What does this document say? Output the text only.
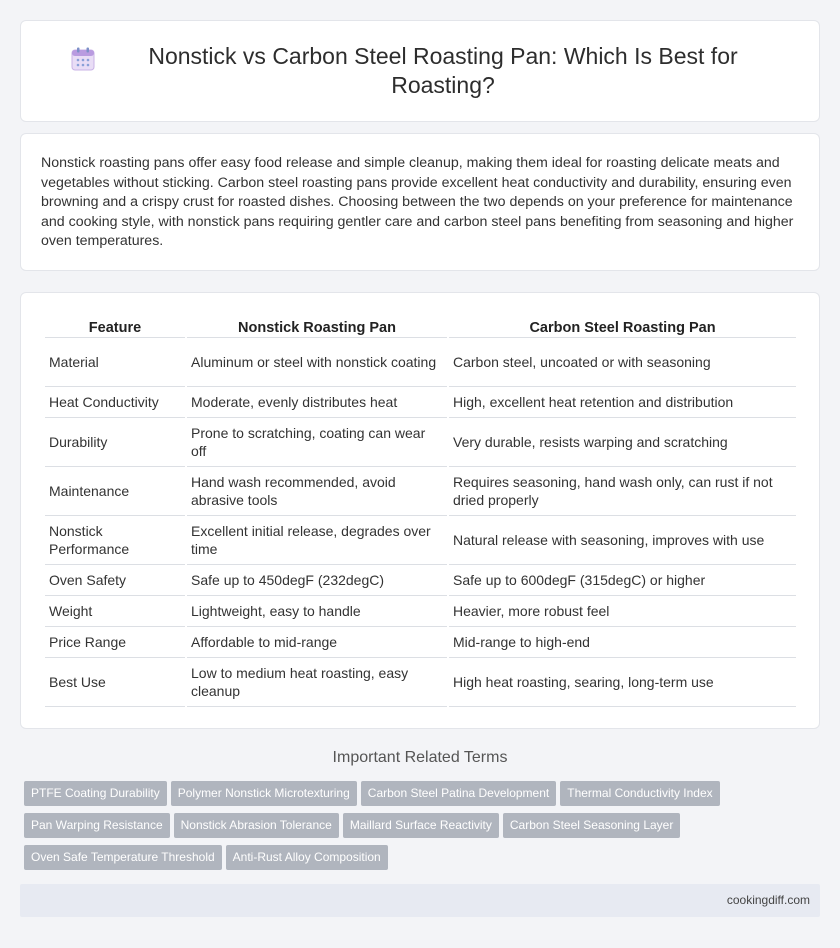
Nonstick vs Carbon Steel Roasting Pan: Which Is Best for Roasting?

Nonstick roasting pans offer easy food release and simple cleanup, making them ideal for roasting delicate meats and vegetables without sticking. Carbon steel roasting pans provide excellent heat conductivity and durability, ensuring even browning and a crispy crust for roasted dishes. Choosing between the two depends on your preference for maintenance and cooking style, with nonstick pans requiring gentler care and carbon steel pans benefiting from seasoning and higher oven temperatures.

Feature	Nonstick Roasting Pan	Carbon Steel Roasting Pan
Material	Aluminum or steel with nonstick coating	Carbon steel, uncoated or with seasoning
Heat Conductivity	Moderate, evenly distributes heat	High, excellent heat retention and distribution
Durability	Prone to scratching, coating can wear off	Very durable, resists warping and scratching
Maintenance	Hand wash recommended, avoid abrasive tools	Requires seasoning, hand wash only, can rust if not dried properly
Nonstick Performance	Excellent initial release, degrades over time	Natural release with seasoning, improves with use
Oven Safety	Safe up to 450degF (232degC)	Safe up to 600degF (315degC) or higher
Weight	Lightweight, easy to handle	Heavier, more robust feel
Price Range	Affordable to mid-range	Mid-range to high-end
Best Use	Low to medium heat roasting, easy cleanup	High heat roasting, searing, long-term use
Important Related Terms
PTFE Coating Durability Polymer Nonstick Microtexturing Carbon Steel Patina Development Thermal Conductivity Index
Pan Warping Resistance Nonstick Abrasion Tolerance Maillard Surface Reactivity Carbon Steel Seasoning Layer
Oven Safe Temperature Threshold Anti-Rust Alloy Composition
cookingdiff.com
